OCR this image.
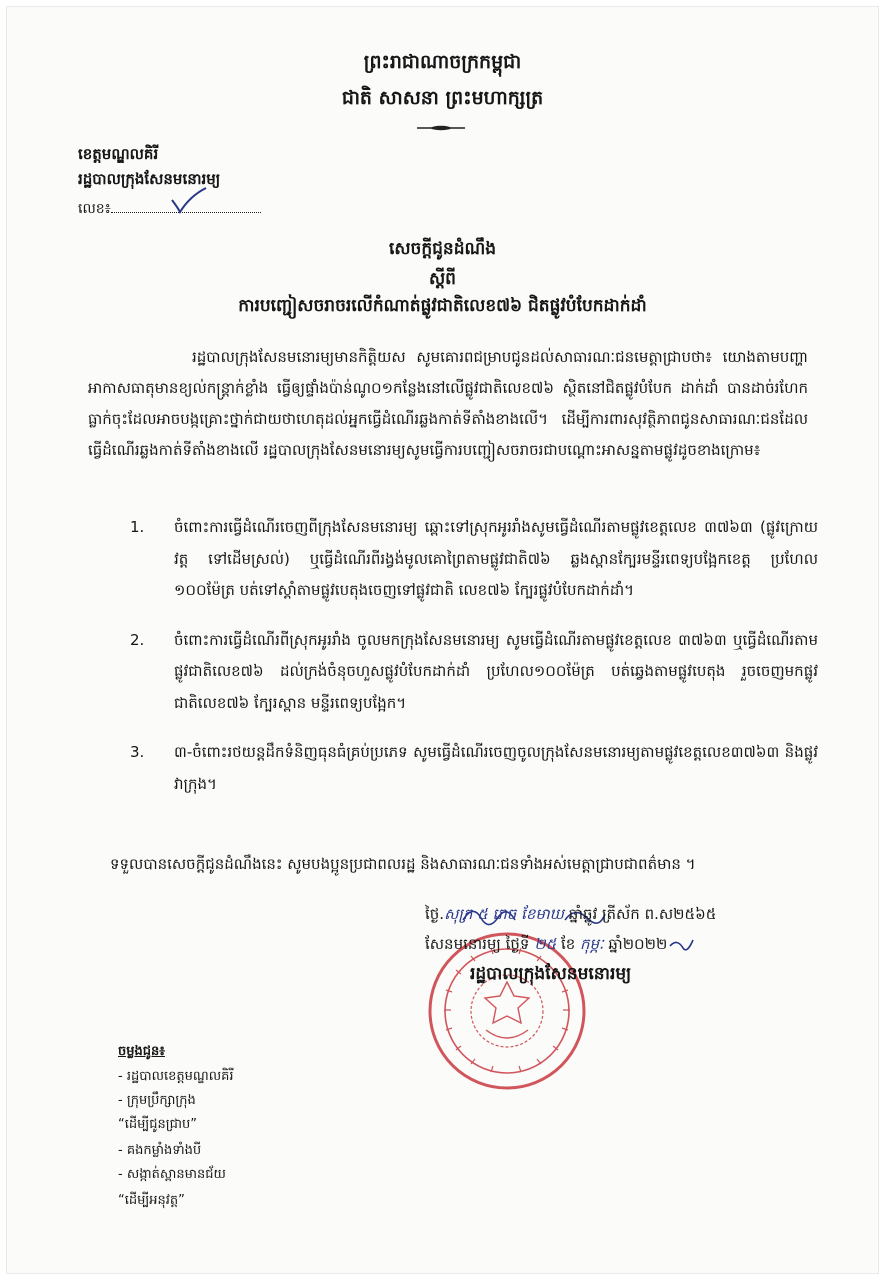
ព្រះរាជាណាចក្រកម្ពុជា
ជាតិ សាសនា ព្រះមហាក្សត្រ
ខេត្តមណ្ឌលគិរី
រដ្ឋបាលក្រុងសែនមនោរម្យ
លេខ៖
សេចក្តីជូនដំណឹង
ស្តីពី
ការបញ្ជៀសចរាចរលើកំណាត់ផ្លូវជាតិលេខ៧៦ ជិតផ្លូវបំបែកដាក់ដាំ
រដ្ឋបាលក្រុងសែនមនោរម្យមានកិត្តិយស សូមគោរពជម្រាបជូនដល់សាធារណៈជនមេត្តាជ្រាបថា៖ យោងតាមបញ្ហាអាកាសធាតុមានខ្យល់កន្ត្រាក់ខ្លាំង ធ្វើឲ្យផ្ទាំងប៉ាន់ណូ០១កន្លែងនៅលើផ្លូវជាតិលេខ៧៦ ស្ថិតនៅជិតផ្លូវបំបែក ដាក់ដាំ បានដាច់រហែកធ្លាក់ចុះដែលអាចបង្កគ្រោះថ្នាក់ជាយថាហេតុដល់អ្នកធ្វើដំណើរឆ្លងកាត់ទីតាំងខាងលើ។ ដើម្បីការពារសុវត្ថិភាពជូនសាធារណៈជនដែលធ្វើដំណើរឆ្លងកាត់ទីតាំងខាងលើ រដ្ឋបាលក្រុងសែនមនោរម្យសូមធ្វើការបញ្ជៀសចរាចរជាបណ្តោះអាសន្នតាមផ្លូវដូចខាងក្រោម៖
1. ចំពោះការធ្វើដំណើរចេញពីក្រុងសែនមនោរម្យ ឆ្ពោះទៅស្រុកអូររាំងសូមធ្វើដំណើរតាមផ្លូវខេត្តលេខ ៣៧៦៣ (ផ្លូវក្រោយវត្ត ទៅដើមស្រល់) ឬធ្វើដំណើរពីរង្វង់មូលគោព្រៃតាមផ្លូវជាតិ៧៦ ឆ្លងស្ពានក្បែរមន្ទីរពេទ្យបង្អែកខេត្ត ប្រហែល ១០០ម៉ែត្រ បត់ទៅស្តាំតាមផ្លូវបេតុងចេញទៅផ្លូវជាតិ លេខ៧៦ ក្បែរផ្លូវបំបែកដាក់ដាំ។
2. ចំពោះការធ្វើដំណើរពីស្រុកអូររាំង ចូលមកក្រុងសែនមនោរម្យ សូមធ្វើដំណើរតាមផ្លូវខេត្តលេខ ៣៧៦៣ ឬធ្វើដំណើរតាមផ្លូវជាតិលេខ៧៦ ដល់ក្រង់ចំនុចហួសផ្លូវបំបែកដាក់ដាំ ប្រហែល១០០ម៉ែត្រ បត់ឆ្វេងតាមផ្លូវបេតុង រួចចេញមកផ្លូវជាតិលេខ៧៦ ក្បែរស្ពាន មន្ទីរពេទ្យបង្អែក។
3. ៣-ចំពោះរថយន្តដឹកទំនិញធុនធំគ្រប់ប្រភេទ សូមធ្វើដំណើរចេញចូលក្រុងសែនមនោរម្យតាមផ្លូវខេត្តលេខ៣៧៦៣ និងផ្លូវវាក្រុង។
ទទួលបានសេចក្តីជូនដំណឹងនេះ សូមបងប្អូនប្រជាពលរដ្ឋ និងសាធារណៈជនទាំងអស់មេត្តាជ្រាបជាពត៌មាន ។
ថ្ងៃ.សុក្រ ៥ រោច ខែមាឃ ឆ្នាំឆ្លូវ ត្រីស័ក ព.ស២៥៦៥
សែនមនោរម្យ ថ្ងៃទី ២៥ ខែ កុម្ភៈ ឆ្នាំ២០២២
រដ្ឋបាលក្រុងសែនមនោរម្យ
ចម្លងជូន៖
- រដ្ឋបាលខេត្តមណ្ឌលគិរី
- ក្រុមប្រឹក្សាក្រុង
“ដើម្បីជូនជ្រាប”
- គងកម្លាំងទាំងបី
- សង្កាត់ស្ពានមានជ័យ
“ដើម្បីអនុវត្ត”
